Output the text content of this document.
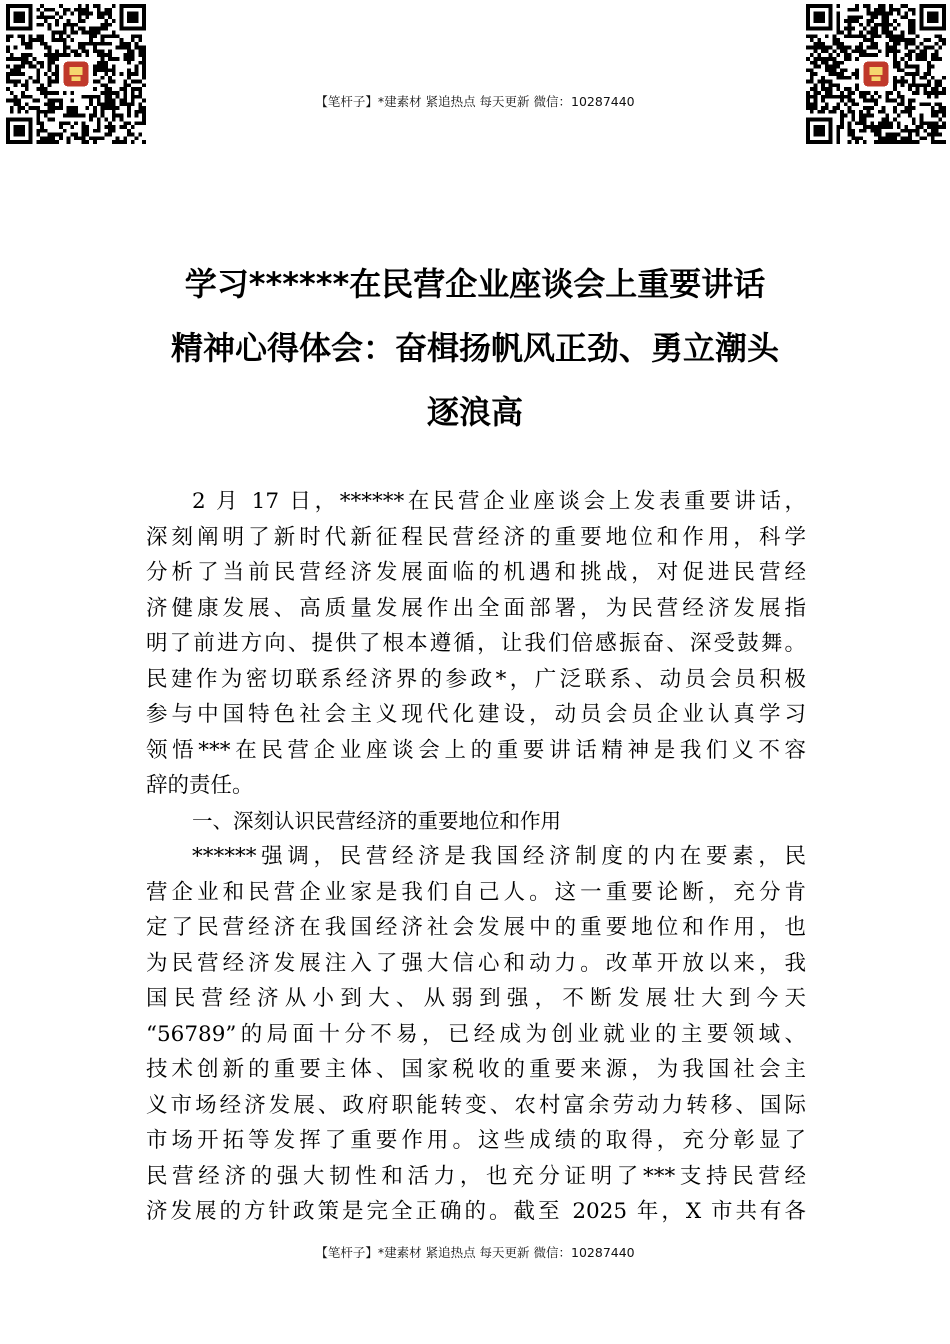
【笔杆子】*建素材 紧追热点 每天更新 微信：10287440
学习******在民营企业座谈会上重要讲话
精神心得体会：奋楫扬帆风正劲、勇立潮头
逐浪高
2 月 17 日，******在民营企业座谈会上发表重要讲话，
深刻阐明了新时代新征程民营经济的重要地位和作用，科学
分析了当前民营经济发展面临的机遇和挑战，对促进民营经
济健康发展、高质量发展作出全面部署，为民营经济发展指
明了前进方向、提供了根本遵循，让我们倍感振奋、深受鼓舞。
民建作为密切联系经济界的参政*，广泛联系、动员会员积极
参与中国特色社会主义现代化建设，动员会员企业认真学习
领悟***在民营企业座谈会上的重要讲话精神是我们义不容
辞的责任。
一、深刻认识民营经济的重要地位和作用
******强调，民营经济是我国经济制度的内在要素，民
营企业和民营企业家是我们自己人。这一重要论断，充分肯
定了民营经济在我国经济社会发展中的重要地位和作用，也
为民营经济发展注入了强大信心和动力。改革开放以来，我
国民营经济从小到大、从弱到强，不断发展壮大到今天
“56789”的局面十分不易，已经成为创业就业的主要领域、
技术创新的重要主体、国家税收的重要来源，为我国社会主
义市场经济发展、政府职能转变、农村富余劳动力转移、国际
市场开拓等发挥了重要作用。这些成绩的取得，充分彰显了
民营经济的强大韧性和活力，也充分证明了***支持民营经
济发展的方针政策是完全正确的。截至 2025 年，X 市共有各
【笔杆子】*建素材 紧追热点 每天更新 微信：10287440
